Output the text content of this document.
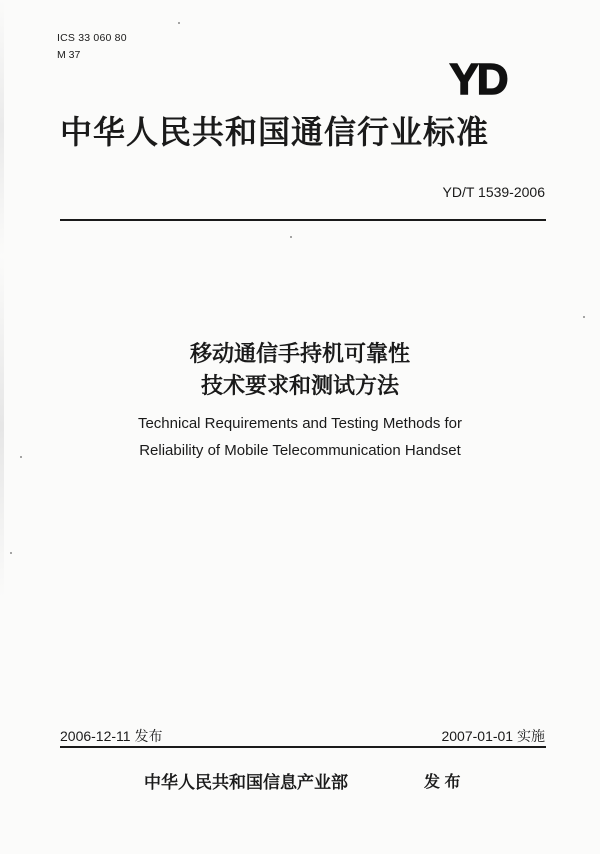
ICS 33 060 80
M 37	YD
中华人民共和国通信行业标准
YD/T 1539-2006
移动通信手持机可靠性
技术要求和测试方法
Technical Requirements and Testing Methods for
Reliability of Mobile Telecommunication Handset
2006-12-11 发布	2007-01-01 实施
中华人民共和国信息产业部	发 布
